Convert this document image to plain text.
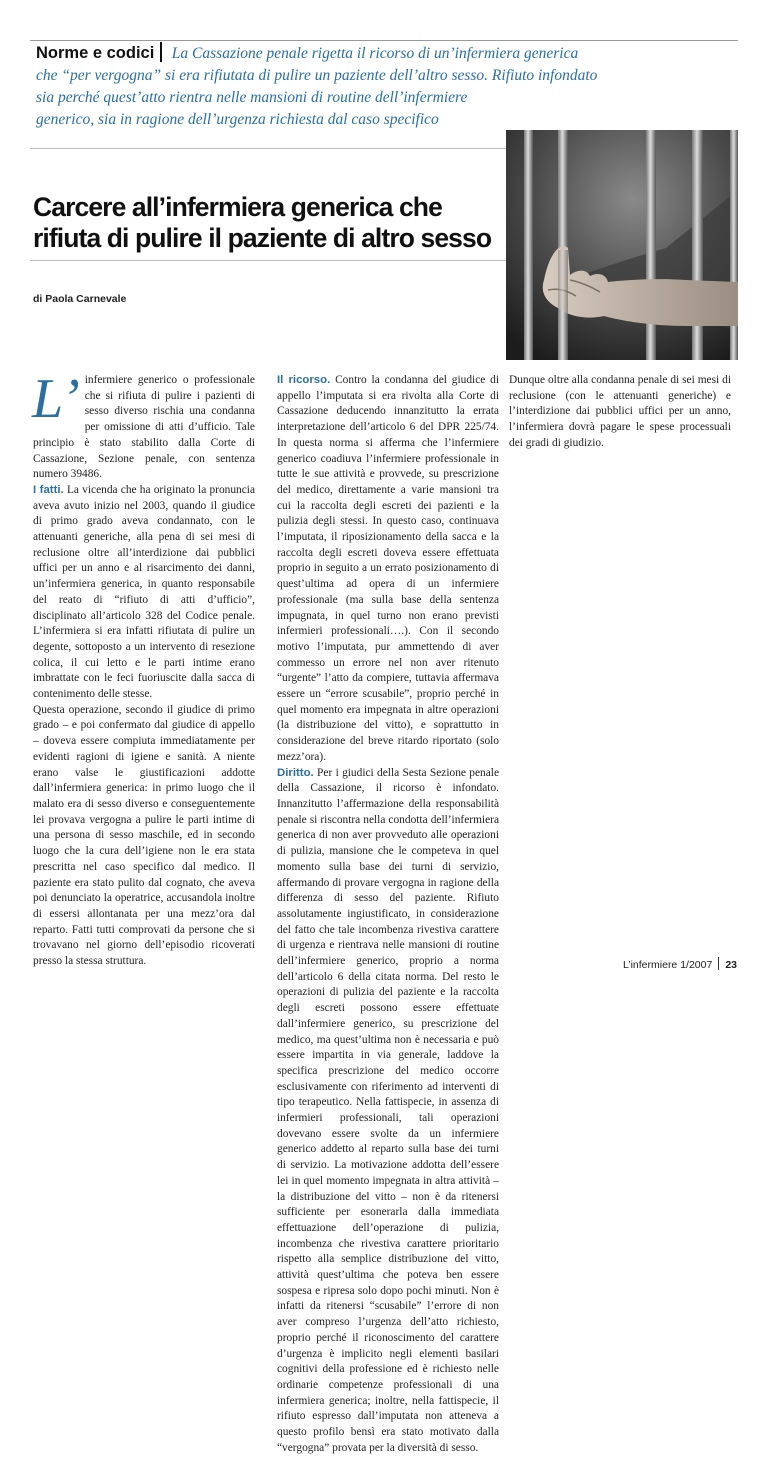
Norme e codici La Cassazione penale rigetta il ricorso di un’infermiera generica
che “per vergogna” si era rifiutata di pulire un paziente dell’altro sesso. Rifiuto infondato
sia perché quest’atto rientra nelle mansioni di routine dell’infermiere
generico, sia in ragione dell’urgenza richiesta dal caso specifico
Carcere all’infermiera generica che rifiuta di pulire il paziente di altro sesso
di Paola Carnevale

L’ infermiere generico o professionale che si rifiuta di pulire i pazienti di sesso diverso rischia una condanna per omissione di atti d’ufficio. Tale principio è stato stabilito dalla Corte di Cassazione, Sezione penale, con sentenza numero 39486.

I fatti. La vicenda che ha originato la pronuncia aveva avuto inizio nel 2003, quando il giudice di primo grado aveva condannato, con le attenuanti generiche, alla pena di sei mesi di reclusione oltre all’interdizione dai pubblici uffici per un anno e al risarcimento dei danni, un’infermiera generica, in quanto responsabile del reato di “rifiuto di atti d’ufficio”, disciplinato all’articolo 328 del Codice penale. L’infermiera si era infatti rifiutata di pulire un degente, sottoposto a un intervento di resezione colica, il cui letto e le parti intime erano imbrattate con le feci fuoriuscite dalla sacca di contenimento delle stesse.

Questa operazione, secondo il giudice di primo grado – e poi confermato dal giudice di appello – doveva essere compiuta immediatamente per evidenti ragioni di igiene e sanità. A niente erano valse le giustificazioni addotte dall’infermiera generica: in primo luogo che il malato era di sesso diverso e conseguentemente lei provava vergogna a pulire le parti intime di una persona di sesso maschile, ed in secondo luogo che la cura dell’igiene non le era stata prescritta nel caso specifico dal medico. Il paziente era stato pulito dal cognato, che aveva poi denunciato la operatrice, accusandola inoltre di essersi allontanata per una mezz’ora dal reparto. Fatti tutti comprovati da persone che si trovavano nel giorno dell’episodio ricoverati presso la stessa struttura.

Il ricorso. Contro la condanna del giudice di appello l’imputata si era rivolta alla Corte di Cassazione deducendo innanzitutto la errata interpretazione dell’articolo 6 del DPR 225/74. In questa norma si afferma che l’infermiere generico coadiuva l’infermiere professionale in tutte le sue attività e provvede, su prescrizione del medico, direttamente a varie mansioni tra cui la raccolta degli escreti dei pazienti e la pulizia degli stessi. In questo caso, continuava l’imputata, il riposizionamento della sacca e la raccolta degli escreti doveva essere effettuata proprio in seguito a un errato posizionamento di quest’ultima ad opera di un infermiere professionale (ma sulla base della sentenza impugnata, in quel turno non erano previsti infermieri professionali….). Con il secondo motivo l’imputata, pur ammettendo di aver commesso un errore nel non aver ritenuto “urgente” l’atto da compiere, tuttavia affermava essere un “errore scusabile”, proprio perché in quel momento era impegnata in altre operazioni (la distribuzione del vitto), e soprattutto in considerazione del breve ritardo riportato (solo mezz’ora).

Diritto. Per i giudici della Sesta Sezione penale della Cassazione, il ricorso è infondato. Innanzitutto l’affermazione della responsabilità penale si riscontra nella condotta dell’infermiera generica di non aver provveduto alle operazioni di pulizia, mansione che le competeva in quel momento sulla base dei turni di servizio, affermando di provare vergogna in ragione della differenza di sesso del paziente. Rifiuto assolutamente ingiustificato, in considerazione del fatto che tale incombenza rivestiva carattere di urgenza e rientrava nelle mansioni di routine dell’infermiere generico, proprio a norma dell’articolo 6 della citata norma. Del resto le operazioni di pulizia del paziente e la raccolta degli escreti possono essere effettuate dall’infermiere generico, su prescrizione del medico, ma quest’ultima non è necessaria e può essere impartita in via generale, laddove la specifica prescrizione del medico occorre esclusivamente con riferimento ad interventi di tipo terapeutico. Nella fattispecie, in assenza di infermieri professionali, tali operazioni dovevano essere svolte da un infermiere generico addetto al reparto sulla base dei turni di servizio. La motivazione addotta dell’essere lei in quel momento impegnata in altra attività – la distribuzione del vitto – non è da ritenersi sufficiente per esonerarla dalla immediata effettuazione dell’operazione di pulizia, incombenza che rivestiva carattere prioritario rispetto alla semplice distribuzione del vitto, attività quest’ultima che poteva ben essere sospesa e ripresa solo dopo pochi minuti. Non è infatti da ritenersi “scusabile” l’errore di non aver compreso l’urgenza dell’atto richiesto, proprio perché il riconoscimento del carattere d’urgenza è implicito negli elementi basilari cognitivi della professione ed è richiesto nelle ordinarie competenze professionali di una infermiera generica; inoltre, nella fattispecie, il rifiuto espresso dall’imputata non atteneva a questo profilo bensì era stato motivato dalla “vergogna” provata per la diversità di sesso.

Dunque oltre alla condanna penale di sei mesi di reclusione (con le attenuanti generiche) e l’interdizione dai pubblici uffici per un anno, l’infermiera dovrà pagare le spese processuali dei gradi di giudizio.

L’infermiere 1/2007 23
